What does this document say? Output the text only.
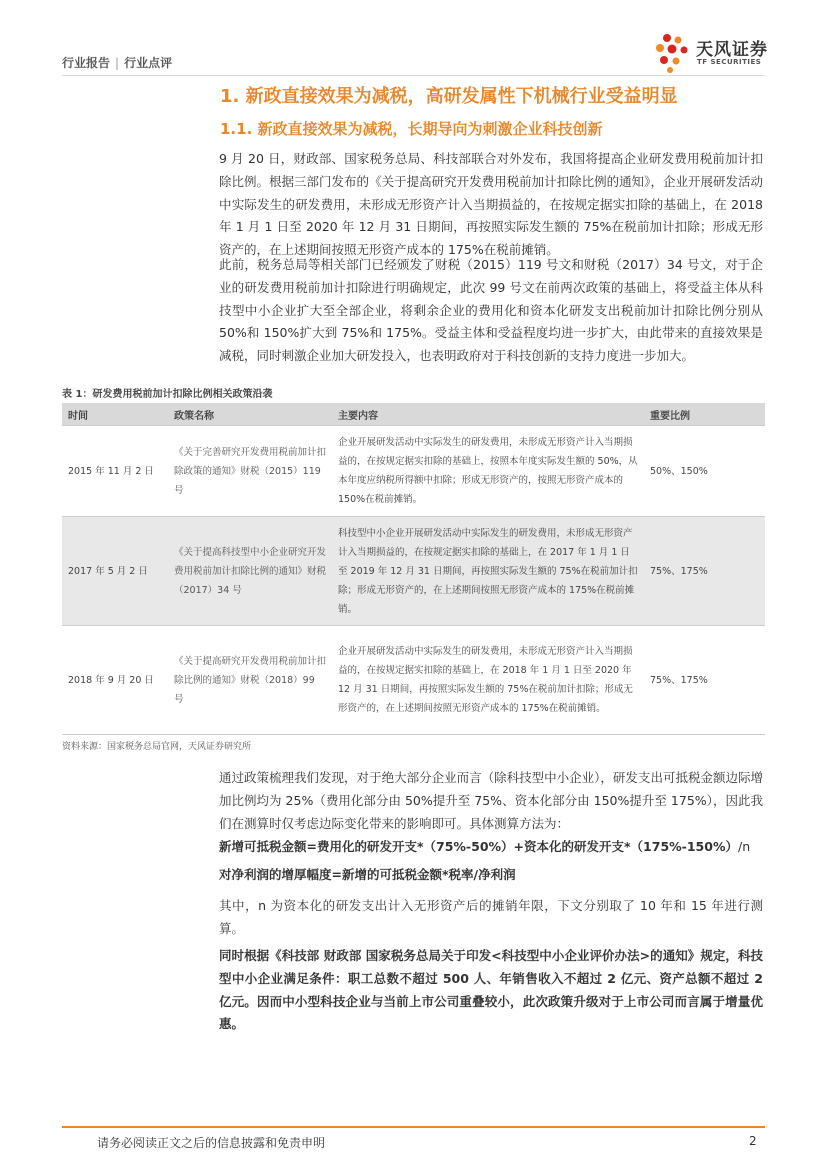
行业报告 | 行业点评
天风证券
TF SECURITIES
1. 新政直接效果为减税，高研发属性下机械行业受益明显
1.1. 新政直接效果为减税，长期导向为刺激企业科技创新
9 月 20 日，财政部、国家税务总局、科技部联合对外发布，我国将提高企业研发费用税前加计扣除比例。根据三部门发布的《关于提高研究开发费用税前加计扣除比例的通知》，企业开展研发活动中实际发生的研发费用，未形成无形资产计入当期损益的，在按规定据实扣除的基础上，在 2018 年 1 月 1 日至 2020 年 12 月 31 日期间，再按照实际发生额的 75%在税前加计扣除；形成无形资产的，在上述期间按照无形资产成本的 175%在税前摊销。
此前，税务总局等相关部门已经颁发了财税（2015）119 号文和财税（2017）34 号文，对于企业的研发费用税前加计扣除进行明确规定，此次 99 号文在前两次政策的基础上，将受益主体从科技型中小企业扩大至全部企业，将剩余企业的费用化和资本化研发支出税前加计扣除比例分别从 50%和 150%扩大到 75%和 175%。受益主体和受益程度均进一步扩大，由此带来的直接效果是减税，同时刺激企业加大研发投入，也表明政府对于科技创新的支持力度进一步加大。
表 1：研发费用税前加计扣除比例相关政策沿袭
时间	政策名称	主要内容	重要比例
2015 年 11 月 2 日	《关于完善研究开发费用税前加计扣除政策的通知》财税（2015）119 号	企业开展研发活动中实际发生的研发费用，未形成无形资产计入当期损益的，在按规定据实扣除的基础上，按照本年度实际发生额的 50%，从本年度应纳税所得额中扣除；形成无形资产的，按照无形资产成本的 150%在税前摊销。	50%、150%
2017 年 5 月 2 日	《关于提高科技型中小企业研究开发费用税前加计扣除比例的通知》财税（2017）34 号	科技型中小企业开展研发活动中实际发生的研发费用，未形成无形资产计入当期损益的，在按规定据实扣除的基础上，在 2017 年 1 月 1 日至 2019 年 12 月 31 日期间，再按照实际发生额的 75%在税前加计扣除；形成无形资产的，在上述期间按照无形资产成本的 175%在税前摊销。	75%、175%
2018 年 9 月 20 日	《关于提高研究开发费用税前加计扣除比例的通知》财税（2018）99 号	企业开展研发活动中实际发生的研发费用，未形成无形资产计入当期损益的，在按规定据实扣除的基础上，在 2018 年 1 月 1 日至 2020 年 12 月 31 日期间，再按照实际发生额的 75%在税前加计扣除；形成无形资产的，在上述期间按照无形资产成本的 175%在税前摊销。	75%、175%
资料来源：国家税务总局官网，天风证券研究所
通过政策梳理我们发现，对于绝大部分企业而言（除科技型中小企业），研发支出可抵税金额边际增加比例均为 25%（费用化部分由 50%提升至 75%、资本化部分由 150%提升至 175%），因此我们在测算时仅考虑边际变化带来的影响即可。具体测算方法为：
新增可抵税金额=费用化的研发开支*（75%-50%）+资本化的研发开支*（175%-150%）/n
对净利润的增厚幅度=新增的可抵税金额*税率/净利润
其中，n 为资本化的研发支出计入无形资产后的摊销年限，下文分别取了 10 年和 15 年进行测算。
同时根据《科技部 财政部 国家税务总局关于印发<科技型中小企业评价办法>的通知》规定，科技型中小企业满足条件：职工总数不超过 500 人、年销售收入不超过 2 亿元、资产总额不超过 2 亿元。因而中小型科技企业与当前上市公司重叠较小，此次政策升级对于上市公司而言属于增量优惠。
请务必阅读正文之后的信息披露和免责申明	2
